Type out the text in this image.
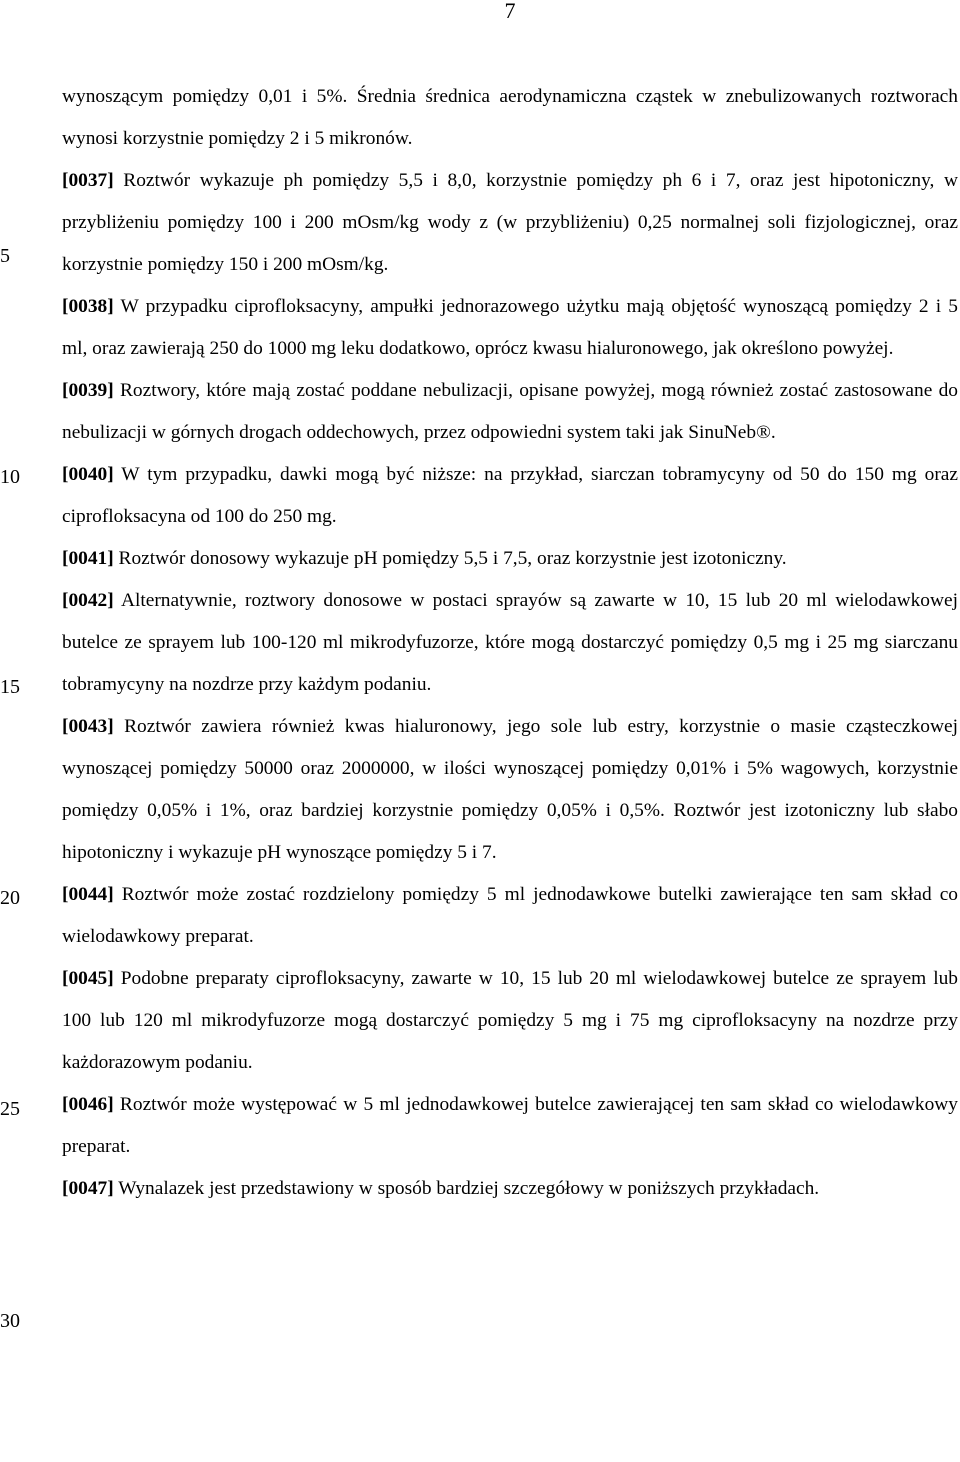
7
5
10
15
20
25
30

wynoszącym pomiędzy 0,01 i 5%. Średnia średnica aerodynamiczna cząstek w znebulizowanych roztworach wynosi korzystnie pomiędzy 2 i 5 mikronów.

[0037] Roztwór wykazuje ph pomiędzy 5,5 i 8,0, korzystnie pomiędzy ph 6 i 7, oraz jest hipotoniczny, w przybliżeniu pomiędzy 100 i 200 mOsm/kg wody z (w przybliżeniu) 0,25 normalnej soli fizjologicznej, oraz korzystnie pomiędzy 150 i 200 mOsm/kg.

[0038] W przypadku ciprofloksacyny, ampułki jednorazowego użytku mają objętość wynoszącą pomiędzy 2 i 5 ml, oraz zawierają 250 do 1000 mg leku dodatkowo, oprócz kwasu hialuronowego, jak określono powyżej.

[0039] Roztwory, które mają zostać poddane nebulizacji, opisane powyżej, mogą również zostać zastosowane do nebulizacji w górnych drogach oddechowych, przez odpowiedni system taki jak SinuNeb®.

[0040] W tym przypadku, dawki mogą być niższe: na przykład, siarczan tobramycyny od 50 do 150 mg oraz ciprofloksacyna od 100 do 250 mg.

[0041] Roztwór donosowy wykazuje pH pomiędzy 5,5 i 7,5, oraz korzystnie jest izotoniczny.

[0042] Alternatywnie, roztwory donosowe w postaci sprayów są zawarte w 10, 15 lub 20 ml wielodawkowej butelce ze sprayem lub 100-120 ml mikrodyfuzorze, które mogą dostarczyć pomiędzy 0,5 mg i 25 mg siarczanu tobramycyny na nozdrze przy każdym podaniu.

[0043] Roztwór zawiera również kwas hialuronowy, jego sole lub estry, korzystnie o masie cząsteczkowej wynoszącej pomiędzy 50000 oraz 2000000, w ilości wynoszącej pomiędzy 0,01% i 5% wagowych, korzystnie pomiędzy 0,05% i 1%, oraz bardziej korzystnie pomiędzy 0,05% i 0,5%. Roztwór jest izotoniczny lub słabo hipotoniczny i wykazuje pH wynoszące pomiędzy 5 i 7.

[0044] Roztwór może zostać rozdzielony pomiędzy 5 ml jednodawkowe butelki zawierające ten sam skład co wielodawkowy preparat.

[0045] Podobne preparaty ciprofloksacyny, zawarte w 10, 15 lub 20 ml wielodawkowej butelce ze sprayem lub 100 lub 120 ml mikrodyfuzorze mogą dostarczyć pomiędzy 5 mg i 75 mg ciprofloksacyny na nozdrze przy każdorazowym podaniu.

[0046] Roztwór może występować w 5 ml jednodawkowej butelce zawierającej ten sam skład co wielodawkowy preparat.

[0047] Wynalazek jest przedstawiony w sposób bardziej szczegółowy w poniższych przykładach.
